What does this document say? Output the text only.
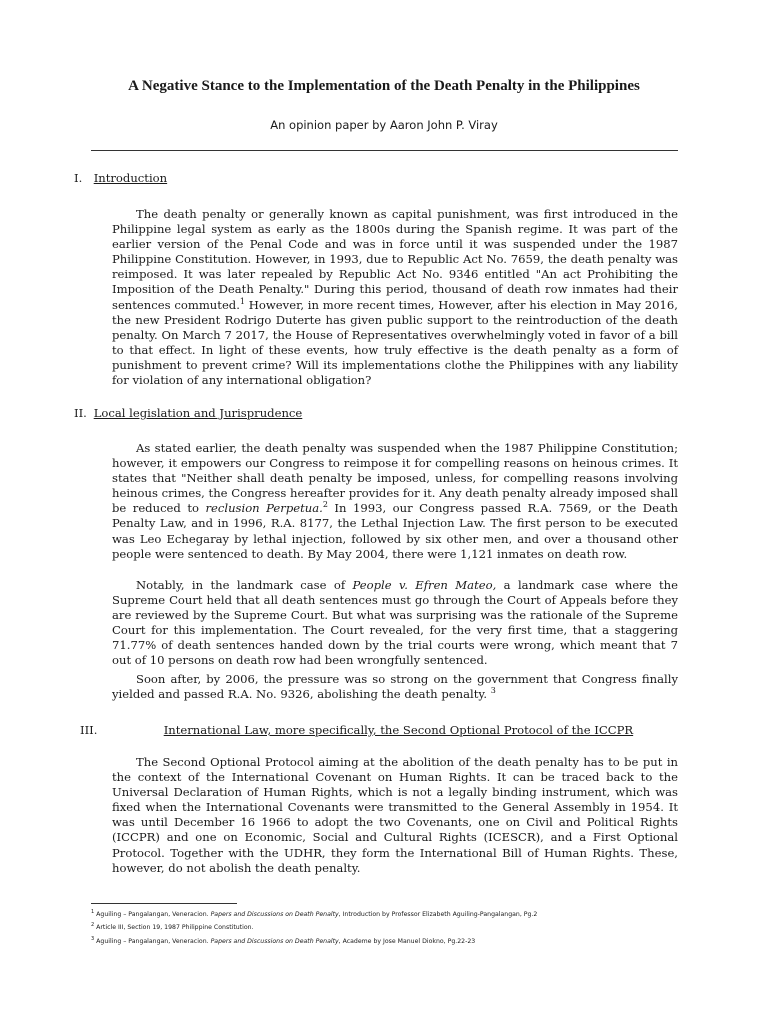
A Negative Stance to the Implementation of the Death Penalty in the Philippines
An opinion paper by Aaron John P. Viray
I. Introduction
The death penalty or generally known as capital punishment, was first introduced in the Philippine legal system as early as the 1800s during the Spanish regime. It was part of the earlier version of the Penal Code and was in force until it was suspended under the 1987 Philippine Constitution. However, in 1993, due to Republic Act No. 7659, the death penalty was reimposed. It was later repealed by Republic Act No. 9346 entitled "An act Prohibiting the Imposition of the Death Penalty." During this period, thousand of death row inmates had their sentences commuted.$^1$ However, in more recent times, However, after his election in May 2016, the new President Rodrigo Duterte has given public support to the reintroduction of the death penalty. On March 7 2017, the House of Representatives overwhelmingly voted in favor of a bill to that effect. In light of these events, how truly effective is the death penalty as a form of punishment to prevent crime? Will its implementations clothe the Philippines with any liability for violation of any international obligation?
II. Local legislation and Jurisprudence
As stated earlier, the death penalty was suspended when the 1987 Philippine Constitution; however, it empowers our Congress to reimpose it for compelling reasons on heinous crimes. It states that "Neither shall death penalty be imposed, unless, for compelling reasons involving heinous crimes, the Congress hereafter provides for it. Any death penalty already imposed shall be reduced to reclusion Perpetua.$^2$ In 1993, our Congress passed R.A. 7569, or the Death Penalty Law, and in 1996, R.A. 8177, the Lethal Injection Law. The first person to be executed was Leo Echegaray by lethal injection, followed by six other men, and over a thousand other people were sentenced to death. By May 2004, there were 1,121 inmates on death row.
Notably, in the landmark case of People v. Efren Mateo, a landmark case where the Supreme Court held that all death sentences must go through the Court of Appeals before they are reviewed by the Supreme Court. But what was surprising was the rationale of the Supreme Court for this implementation. The Court revealed, for the very first time, that a staggering 71.77% of death sentences handed down by the trial courts were wrong, which meant that 7 out of 10 persons on death row had been wrongfully sentenced.
Soon after, by 2006, the pressure was so strong on the government that Congress finally yielded and passed R.A. No. 9326, abolishing the death penalty. $^3$
III.	International Law, more specifically, the Second Optional Protocol of the ICCPR
The Second Optional Protocol aiming at the abolition of the death penalty has to be put in the context of the International Covenant on Human Rights. It can be traced back to the Universal Declaration of Human Rights, which is not a legally binding instrument, which was fixed when the International Covenants were transmitted to the General Assembly in 1954. It was until December 16 1966 to adopt the two Covenants, one on Civil and Political Rights (ICCPR) and one on Economic, Social and Cultural Rights (ICESCR), and a First Optional Protocol. Together with the UDHR, they form the International Bill of Human Rights. These, however, do not abolish the death penalty.
$^1$ Aguiling – Pangalangan, Veneracion. Papers and Discussions on Death Penalty, Introduction by Professor Elizabeth Aguiling-Pangalangan, Pg.2
$^2$ Article III, Section 19, 1987 Philippine Constitution.
$^3$ Aguiling – Pangalangan, Veneracion. Papers and Discussions on Death Penalty, Academe by Jose Manuel Diokno, Pg.22-23
